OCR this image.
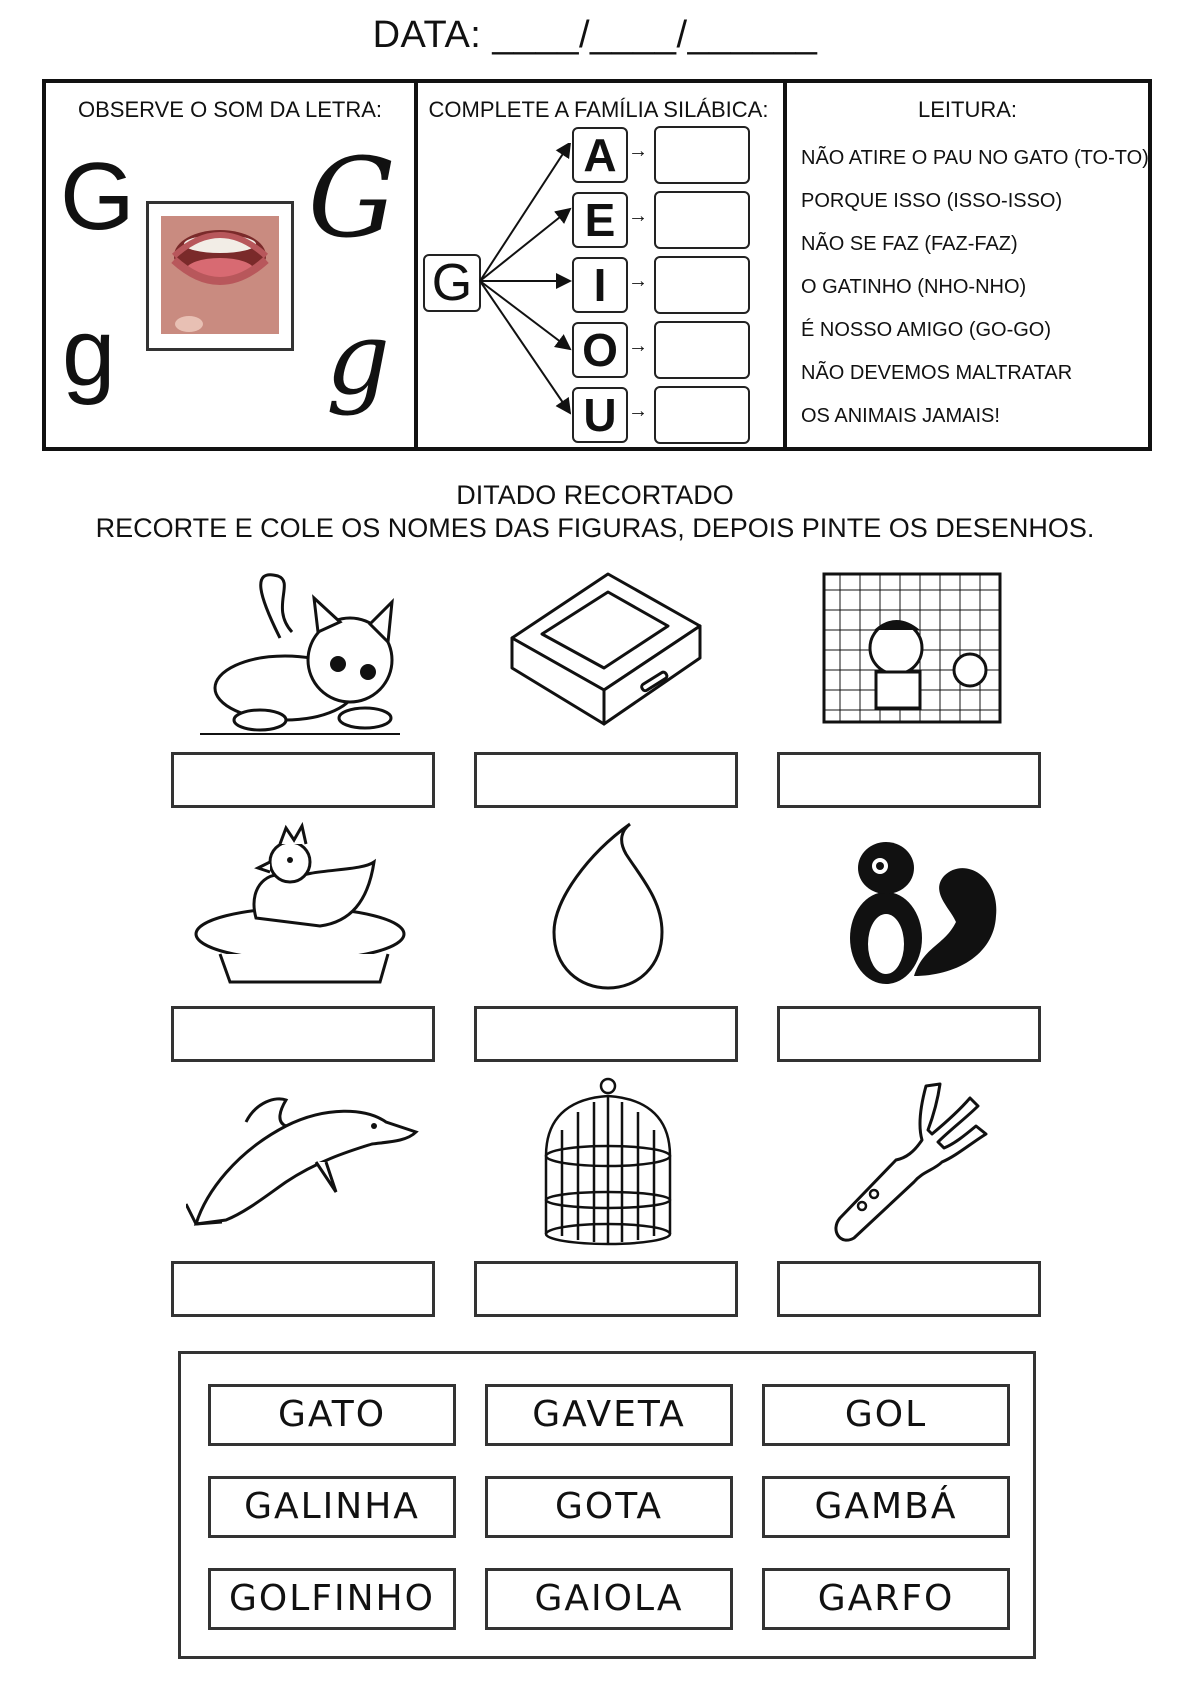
DATA: ____/____/______
OBSERVE O SOM DA LETRA:
G G
g g
COMPLETE A FAMÍLIA SILÁBICA:
G
A
E
I
O
U
→
→
→
→
→
LEITURA:
NÃO ATIRE O PAU NO GATO (TO-TO)
PORQUE ISSO (ISSO-ISSO)
NÃO SE FAZ (FAZ-FAZ)
O GATINHO (NHO-NHO)
É NOSSO AMIGO (GO-GO)
NÃO DEVEMOS MALTRATAR
OS ANIMAIS JAMAIS!
DITADO RECORTADO
RECORTE E COLE OS NOMES DAS FIGURAS, DEPOIS PINTE OS DESENHOS.
GATO	GAVETA	GOL
GALINHA	GOTA	GAMBÁ
GOLFINHO	GAIOLA	GARFO
